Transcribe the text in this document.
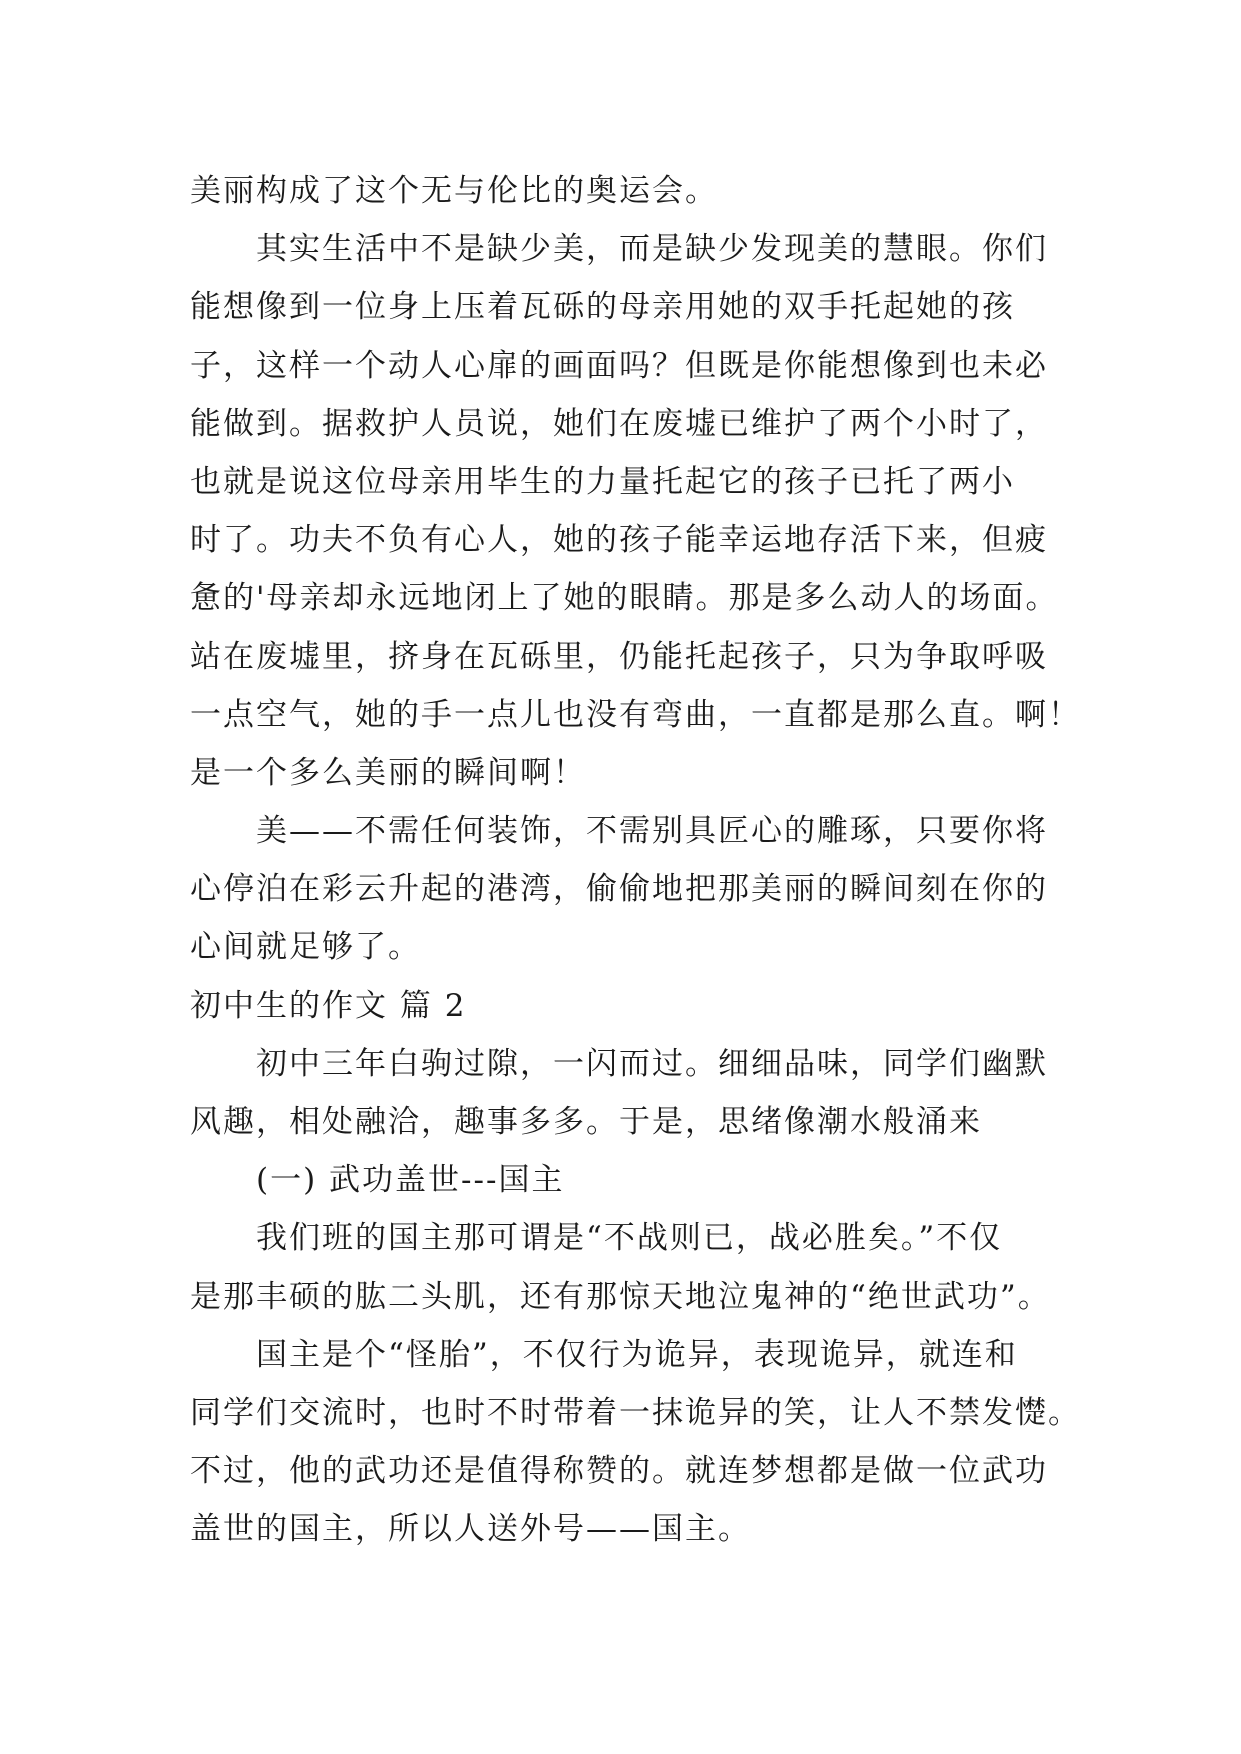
美丽构成了这个无与伦比的奥运会。
其实生活中不是缺少美，而是缺少发现美的慧眼。你们
能想像到一位身上压着瓦砾的母亲用她的双手托起她的孩
子，这样一个动人心扉的画面吗？但既是你能想像到也未必
能做到。据救护人员说，她们在废墟已维护了两个小时了，
也就是说这位母亲用毕生的力量托起它的孩子已托了两小
时了。功夫不负有心人，她的孩子能幸运地存活下来，但疲
惫的'母亲却永远地闭上了她的眼睛。那是多么动人的场面。
站在废墟里，挤身在瓦砾里，仍能托起孩子，只为争取呼吸
一点空气，她的手一点儿也没有弯曲，一直都是那么直。啊！
是一个多么美丽的瞬间啊！
美——不需任何装饰，不需别具匠心的雕琢，只要你将
心停泊在彩云升起的港湾，偷偷地把那美丽的瞬间刻在你的
心间就足够了。
初中生的作文 篇 2
初中三年白驹过隙，一闪而过。细细品味，同学们幽默
风趣，相处融洽，趣事多多。于是，思绪像潮水般涌来
(一) 武功盖世---国主
我们班的国主那可谓是“不战则已，战必胜矣。”不仅
是那丰硕的肱二头肌，还有那惊天地泣鬼神的“绝世武功”。
国主是个“怪胎”，不仅行为诡异，表现诡异，就连和
同学们交流时，也时不时带着一抹诡异的笑，让人不禁发憷。
不过，他的武功还是值得称赞的。就连梦想都是做一位武功
盖世的国主，所以人送外号——国主。
